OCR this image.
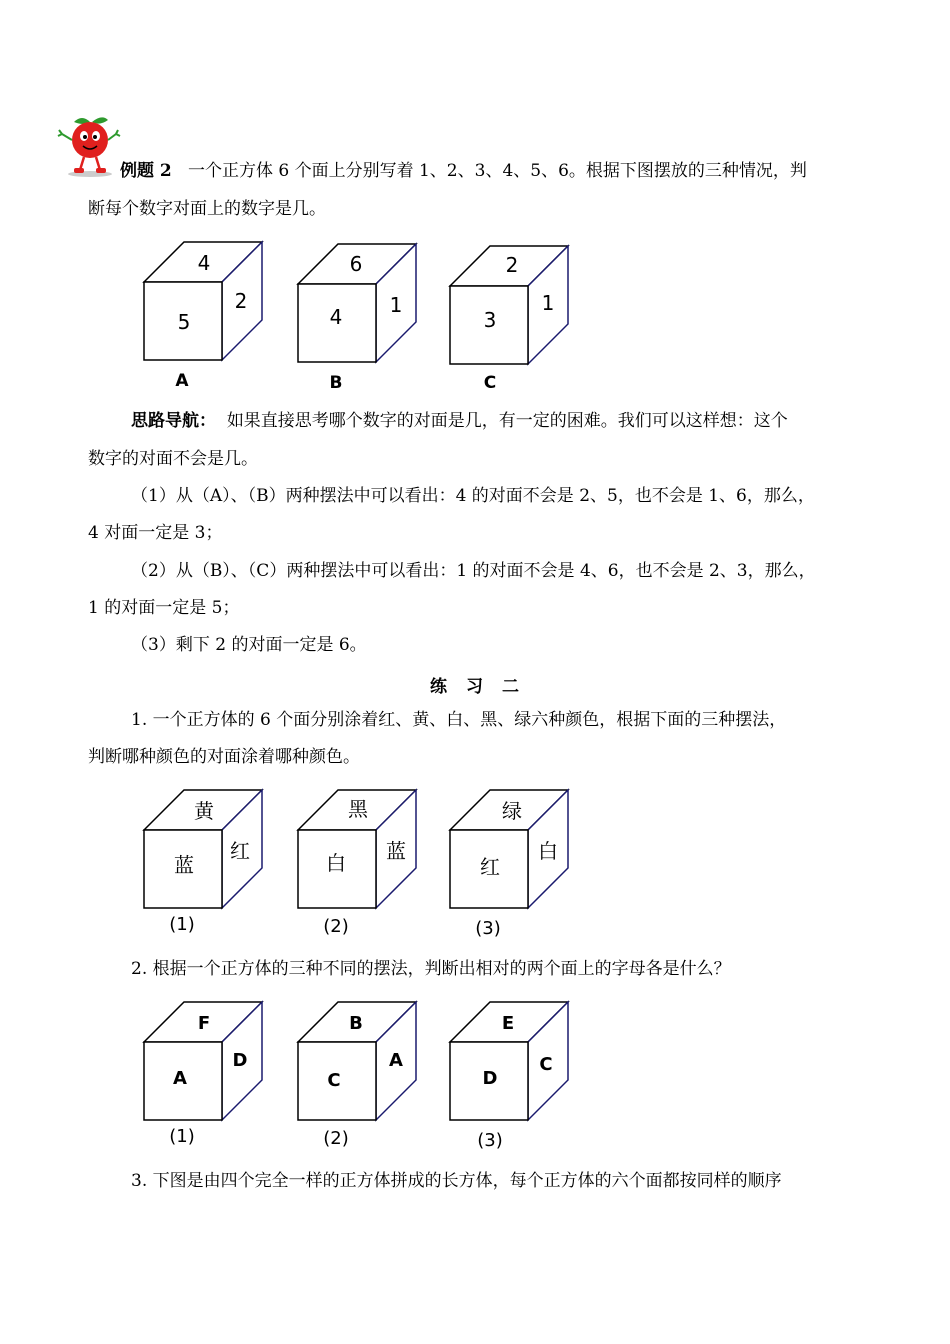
例题 2 一个正方体 6 个面上分别写着 1、2、3、4、5、6。根据下图摆放的三种情况，判
断每个数字对面上的数字是几。
4
5
2
A
6
4 1
B
2
3
1
C
思路导航： 如果直接思考哪个数字的对面是几，有一定的困难。我们可以这样想：这个
数字的对面不会是几。
（1）从（A）、（B）两种摆法中可以看出：4 的对面不会是 2、5，也不会是 1、6，那么，
4 对面一定是 3；
（2）从（B）、（C）两种摆法中可以看出：1 的对面不会是 4、6，也不会是 2、3，那么，
1 的对面一定是 5；
（3）剩下 2 的对面一定是 6。
练　习　二
1. 一个正方体的 6 个面分别涂着红、黄、白、黑、绿六种颜色，根据下面的三种摆法，
判断哪种颜色的对面涂着哪种颜色。
黄
蓝
红
(1)
黑
白 蓝
(2)
绿
红
白
(3)
2. 根据一个正方体的三种不同的摆法，判断出相对的两个面上的字母各是什么？
F
A
D
(1)
B
C
A
(2)
E
D
C
(3)
3. 下图是由四个完全一样的正方体拼成的长方体，每个正方体的六个面都按同样的顺序
